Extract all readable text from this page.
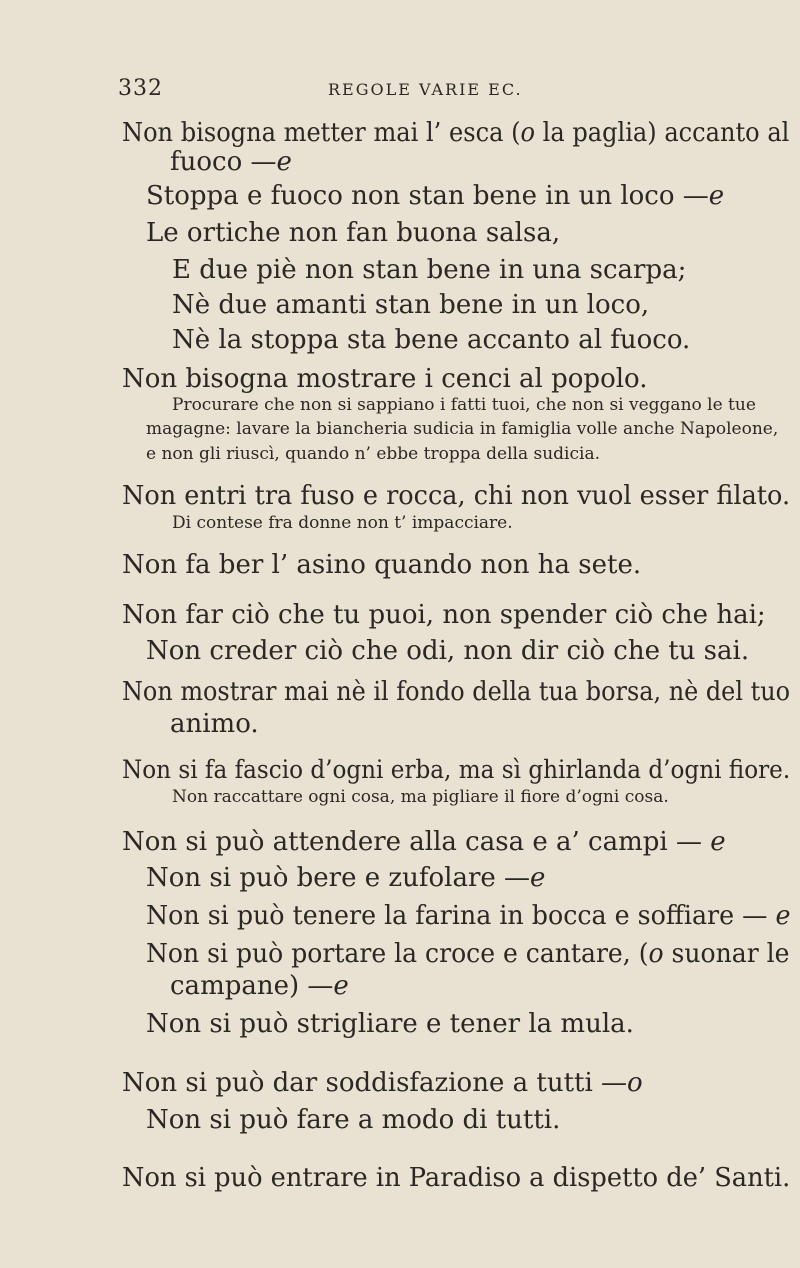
332	REGOLE VARIE EC.
Non bisogna metter mai l’ esca (o la paglia) accanto al
fuoco —e
Stoppa e fuoco non stan bene in un loco —e
Le ortiche non fan buona salsa,
E due piè non stan bene in una scarpa;
Nè due amanti stan bene in un loco,
Nè la stoppa sta bene accanto al fuoco.
Non bisogna mostrare i cenci al popolo.
Procurare che non si sappiano i fatti tuoi, che non si veggano le tue
magagne: lavare la biancheria sudicia in famiglia volle anche Napoleone,
e non gli riuscì, quando n’ ebbe troppa della sudicia.
Non entri tra fuso e rocca, chi non vuol esser filato.
Di contese fra donne non t’ impacciare.
Non fa ber l’ asino quando non ha sete.
Non far ciò che tu puoi, non spender ciò che hai;
Non creder ciò che odi, non dir ciò che tu sai.
Non mostrar mai nè il fondo della tua borsa, nè del tuo
animo.
Non si fa fascio d’ogni erba, ma sì ghirlanda d’ogni fiore.
Non raccattare ogni cosa, ma pigliare il fiore d’ogni cosa.
Non si può attendere alla casa e a’ campi — e
Non si può bere e zufolare —e
Non si può tenere la farina in bocca e soffiare — e
Non si può portare la croce e cantare, (o suonar le
campane) —e
Non si può strigliare e tener la mula.
Non si può dar soddisfazione a tutti —o
Non si può fare a modo di tutti.
Non si può entrare in Paradiso a dispetto de’ Santi.
